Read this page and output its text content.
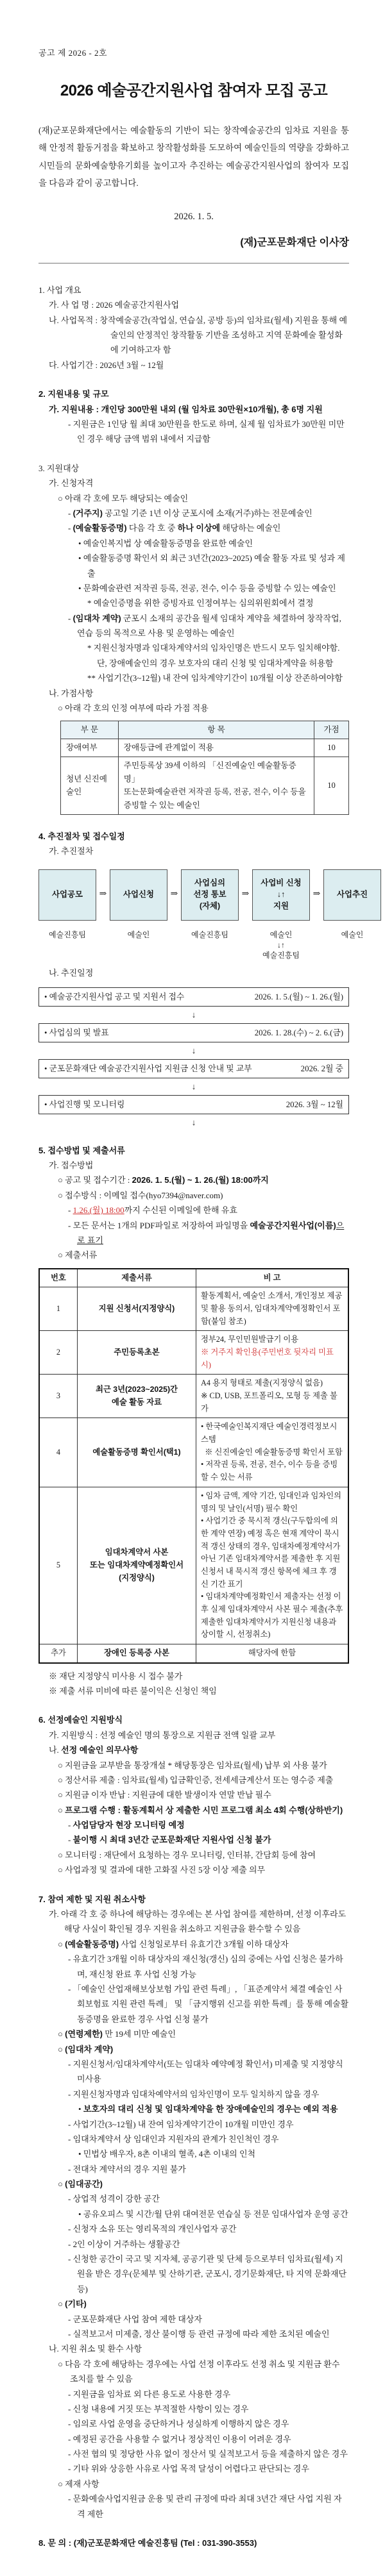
공고 제 2026 - 2호
2026 예술공간지원사업 참여자 모집 공고

(재)군포문화재단에서는 예술활동의 기반이 되는 창작예술공간의 임차료 지원을 통해 안정적 활동거점을 확보하고 창작활성화를 도모하여 예술인들의 역량을 강화하고 시민들의 문화예술향유기회를 높이고자 추진하는 예술공간지원사업의 참여자 모집을 다음과 같이 공고합니다.

2026. 1. 5.
(재)군포문화재단 이사장
1. 사업 개요
가. 사 업 명 : 2026 예술공간지원사업
나. 사업목적 : 창작예술공간(작업실, 연습실, 공방 등)의 임차료(월세) 지원을 통해 예술인의 안정적인 창작활동 기반을 조성하고 지역 문화예술 활성화에 기여하고자 함
다. 사업기간 : 2026년 3월 ~ 12월
2. 지원내용 및 규모
가. 지원내용 : 개인당 300만원 내외 (월 임차료 30만원×10개월), 총 6명 지원
- 지원금은 1인당 월 최대 30만원을 한도로 하며, 실제 월 임차료가 30만원 미만인 경우 해당 금액 범위 내에서 지급함
3. 지원대상
가. 신청자격
○ 아래 각 호에 모두 해당되는 예술인
- (거주지) 공고일 기준 1년 이상 군포시에 소재(거주)하는 전문예술인
- (예술활동증명) 다음 각 호 중 하나 이상에 해당하는 예술인
• 예술인복지법 상 예술활동증명을 완료한 예술인
• 예술활동증명 확인서 외 최근 3년간(2023~2025) 예술 활동 자료 및 성과 제출
• 문화예술관련 저작권 등록, 전공, 전수, 이수 등을 증빙할 수 있는 예술인
* 예술인증명을 위한 증빙자료 인정여부는 심의위원회에서 결정
- (임대차 계약) 군포시 소재의 공간을 월세 임대차 계약을 체결하여 창작작업, 연습 등의 목적으로 사용 및 운영하는 예술인
* 지원신청자명과 임대차계약서의 임차인명은 반드시 모두 일치해야함. 단, 장애예술인의 경우 보호자의 대리 신청 및 임대차계약을 허용함
** 사업기간(3~12월) 내 잔여 임차계약기간이 10개월 이상 잔존하여야함
나. 가점사항
○ 아래 각 호의 인정 여부에 따라 가점 적용
부 문	항 목	가점
장애여부	장애등급에 관계없이 적용	10
청년 신진예술인	주민등록상 39세 이하의 「신진예술인 예술활동증명」
또는문화예술관련 저작권 등록, 전공, 전수, 이수 등을
증빙할 수 있는 예술인	10
4. 추진절차 및 접수일정
가. 추진절차
사업공모
예술진흥팀
⇒	사업신청
예술인
⇒
사업심의
선정 통보
(자체)
예술진흥팀
⇒
사업비 신청
↓↑
지원
예술인
↓↑
예술진흥팀
⇒	사업추진
예술인
나. 추진일정
• 예술공간지원사업 공고 및 지원서 접수	2026. 1. 5.(월) ~ 1. 26.(월)
↓
• 사업심의 및 발표	2026. 1. 28.(수) ~ 2. 6.(금)
↓
• 군포문화재단 예술공간지원사업 지원금 신청 안내 및 교부	2026. 2월 중
↓
• 사업진행 및 모니터링	2026. 3월 ~ 12월
↓
5. 접수방법 및 제출서류
가. 접수방법
○ 공고 및 접수기간 : 2026. 1. 5.(월) ~ 1. 26.(월) 18:00까지
○ 접수방식 : 이메일 접수(hyo7394@naver.com)
- 1.26.(월) 18:00까지 수신된 이메일에 한해 유효
- 모든 문서는 1개의 PDF파일로 저장하여 파일명을 예술공간지원사업(이름)으로 표기
○ 제출서류
번호	제출서류	비 고
1	지원 신청서(지정양식)	활동계획서, 예술인 소개서, 개인정보 제공 및 활용 동의서, 임대차계약예정확인서 포함(붙임 참조)

2	주민등록초본	정부24, 무인민원발급기 이용
※ 거주지 확인용(주민번호 뒷자리 미표시)

3	최근 3년(2023~2025)간
예술 활동 자료	
A4 용지 형태로 제출(지정양식 없음)
※ CD, USB, 포트폴리오, 모형 등 제출 불가

4	예술활동증명 확인서(택1)	• 한국예술인복지재단 예술인경력정보시스템
※ 신진예술인 예술활동증명 확인서 포함
• 저작권 등록, 전공, 전수, 이수 등을 증빙할 수 있는 서류

5	임대차계약서 사본
또는 임대차계약예정확인서
(지정양식)	
• 임차 금액, 계약 기간, 임대인과 임차인의 명의 및 날인(서명) 필수 확인
• 사업기간 중 묵시적 갱신(구두합의에 의한 계약 연장) 예정 혹은 현재 계약이 묵시적 갱신 상태의 경우, 임대차예정계약서가 아닌 기존 임대차계약서를 제출한 후 지원신청서 내 묵시적 갱신 항목에 체크 후 갱신 기간 표기
• 임대차계약예정확인서 제출자는 선정 이후 실제 임대차계약서 사본 필수 제출(추후 제출한 임대차계약서가 지원신청 내용과 상이할 시, 선정취소)

추가	장애인 등록증 사본	해당자에 한함
※ 재단 지정양식 미사용 시 접수 불가
※ 제출 서류 미비에 따른 불이익은 신청인 책임
6. 선정예술인 지원방식
가. 지원방식 : 선정 예술인 명의 통장으로 지원금 전액 일괄 교부
나. 선정 예술인 의무사항
○ 지원금을 교부받을 통장개설 * 해당통장은 임차료(월세) 납부 외 사용 불가
○ 정산서류 제출 : 임차료(월세) 입금확인증, 전세세금계산서 또는 영수증 제출
○ 지원금 이자 반납 : 지원금에 대한 발생이자 연말 반납 필수
○ 프로그램 수행 : 활동계획서 상 제출한 시민 프로그램 최소 4회 수행(상하반기)
- 사업담당자 현장 모니터링 예정
- 불이행 시 최대 3년간 군포문화재단 지원사업 신청 불가
○ 모니터링 : 재단에서 요청하는 경우 모니터링, 인터뷰, 간담회 등에 참여
○ 사업과정 및 결과에 대한 고화질 사진 5장 이상 제출 의무
7. 참여 제한 및 지원 취소사항
가. 아래 각 호 중 하나에 해당하는 경우에는 본 사업 참여를 제한하며, 선정 이후라도 해당 사실이 확인될 경우 지원을 취소하고 지원금을 환수할 수 있음
○ (예술활동증명) 사업 신청일로부터 유효기간 3개월 이하 대상자
- 유효기간 3개월 이하 대상자의 재신청(갱신) 심의 중에는 사업 신청은 불가하며, 재신청 완료 후 사업 신청 가능
- 「예술인 산업재해보상보험 가입 관련 특례」, 「표준계약서 체결 예술인 사회보험료 지원 관련 특례」 및 「금지행위 신고를 위한 특례」를 통해 예술활동증명을 완료한 경우 사업 신청 불가
○ (연령제한) 만 19세 미만 예술인
○ (임대차 계약)
- 지원신청서/임대차계약서(또는 임대차 예약예정 확인서) 미제출 및 지정양식 미사용
- 지원신청자명과 임대차예약서의 임차인명이 모두 일치하지 않을 경우
• 보호자의 대리 신청 및 임대차계약을 한 장애예술인의 경우는 예외 적용
- 사업기간(3~12월) 내 잔여 임차계약기간이 10개월 미만인 경우
- 임대차계약서 상 임대인과 지원자의 관계가 친인척인 경우
• 민법상 배우자, 8촌 이내의 혈족, 4촌 이내의 인척
- 전대차 계약서의 경우 지원 불가
○ (임대공간)
- 상업적 성격이 강한 공간
• 공유오피스 및 시간/월 단위 대여전문 연습실 등 전문 임대사업자 운영 공간
- 신청자 소유 또는 영리목적의 개인사업자 공간
- 2인 이상이 거주하는 생활공간
- 신청한 공간이 국고 및 지자체, 공공기관 및 단체 등으로부터 임차료(월세) 지원을 받은 경우(문체부 및 산하기관, 군포시, 경기문화재단, 타 지역 문화재단 등)
○ (기타)
- 군포문화재단 사업 참여 제한 대상자
- 실적보고서 미제출, 정산 불이행 등 관련 규정에 따라 제한 조치된 예술인
나. 지원 취소 및 환수 사항
○ 다음 각 호에 해당하는 경우에는 사업 선정 이후라도 선정 취소 및 지원금 환수 조치를 할 수 있음
- 지원금을 임차료 외 다른 용도로 사용한 경우
- 신청 내용에 거짓 또는 부적절한 사항이 있는 경우
- 임의로 사업 운영을 중단하거나 성실하게 이행하지 않은 경우
- 예정된 공간을 사용할 수 없거나 정상적인 이용이 어려운 경우
- 사전 협의 및 정당한 사유 없이 정산서 및 실적보고서 등을 제출하지 않은 경우
- 기타 위와 상응한 사유로 사업 목적 달성이 어렵다고 판단되는 경우
○ 제재 사항
- 문화예술사업지원금 운용 및 관리 규정에 따라 최대 3년간 재단 사업 지원 자격 제한
8. 문 의 : (재)군포문화재단 예술진흥팀 (Tel : 031-390-3553)
